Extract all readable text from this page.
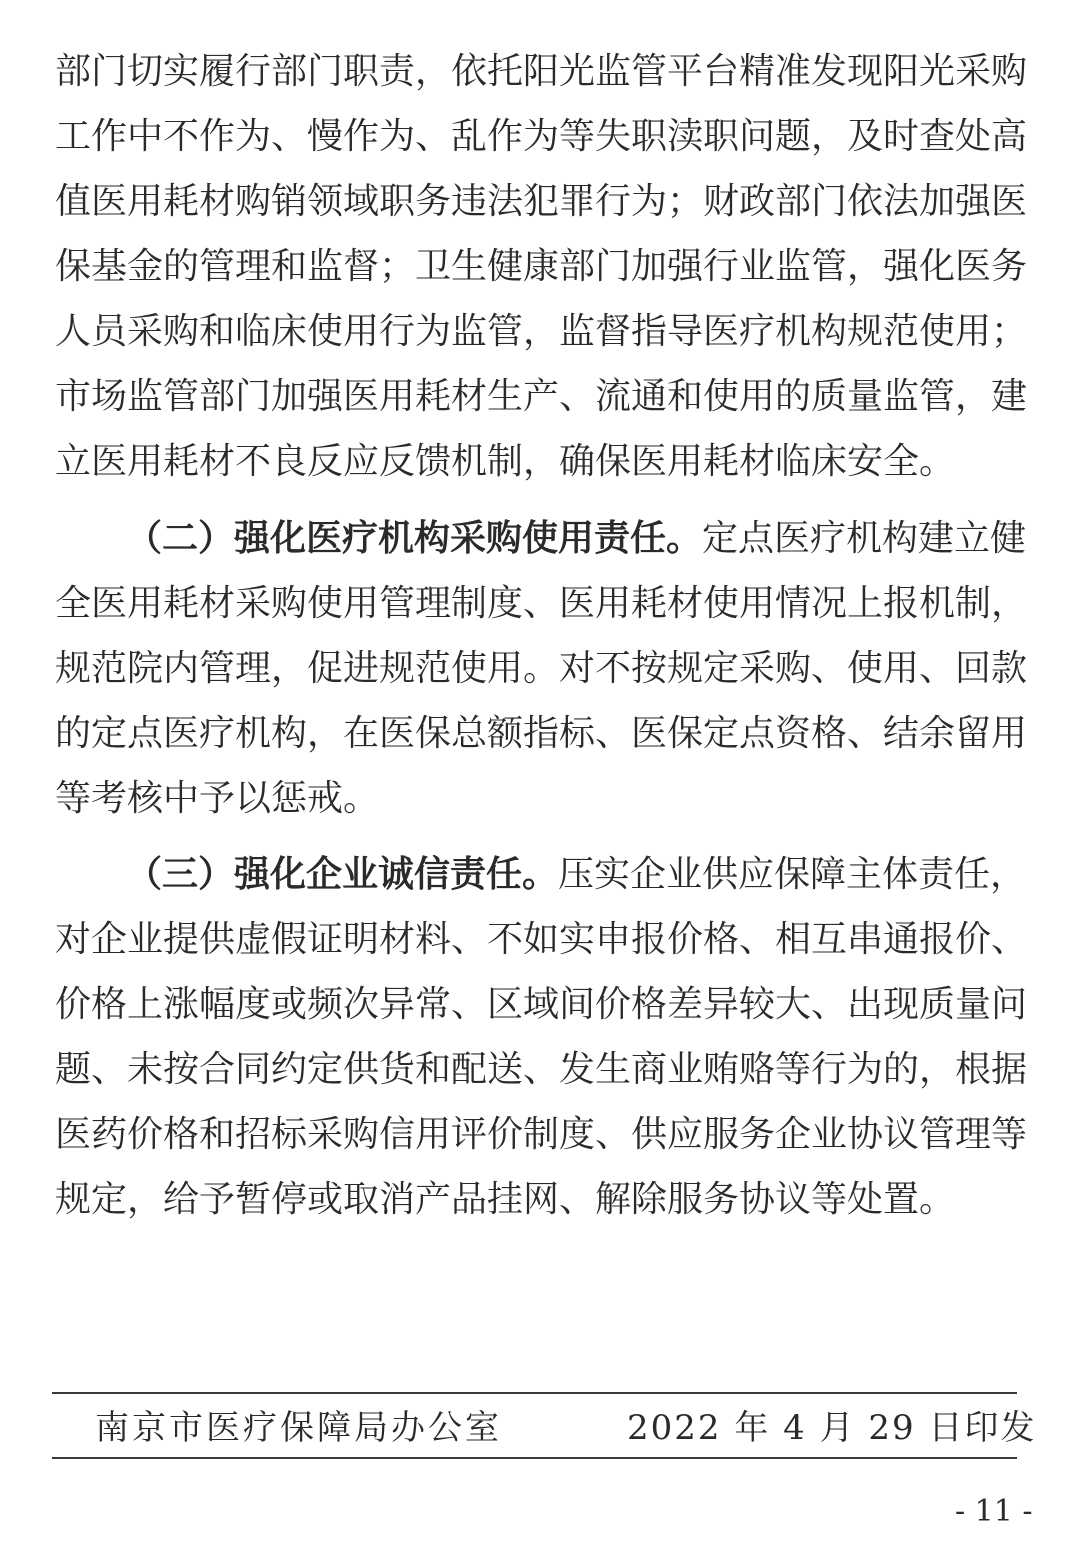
部门切实履行部门职责，依托阳光监管平台精准发现阳光采购
工作中不作为、慢作为、乱作为等失职渎职问题，及时查处高
值医用耗材购销领域职务违法犯罪行为；财政部门依法加强医
保基金的管理和监督；卫生健康部门加强行业监管，强化医务
人员采购和临床使用行为监管，监督指导医疗机构规范使用；
市场监管部门加强医用耗材生产、流通和使用的质量监管，建
立医用耗材不良反应反馈机制，确保医用耗材临床安全。
（二）强化医疗机构采购使用责任。定点医疗机构建立健
全医用耗材采购使用管理制度、医用耗材使用情况上报机制，
规范院内管理，促进规范使用。对不按规定采购、使用、回款
的定点医疗机构，在医保总额指标、医保定点资格、结余留用
等考核中予以惩戒。
（三）强化企业诚信责任。压实企业供应保障主体责任，
对企业提供虚假证明材料、不如实申报价格、相互串通报价、
价格上涨幅度或频次异常、区域间价格差异较大、出现质量问
题、未按合同约定供货和配送、发生商业贿赂等行为的，根据
医药价格和招标采购信用评价制度、供应服务企业协议管理等
规定，给予暂停或取消产品挂网、解除服务协议等处置。
南京市医疗保障局办公室	2022 年 4 月 29 日印发
- 11 -
